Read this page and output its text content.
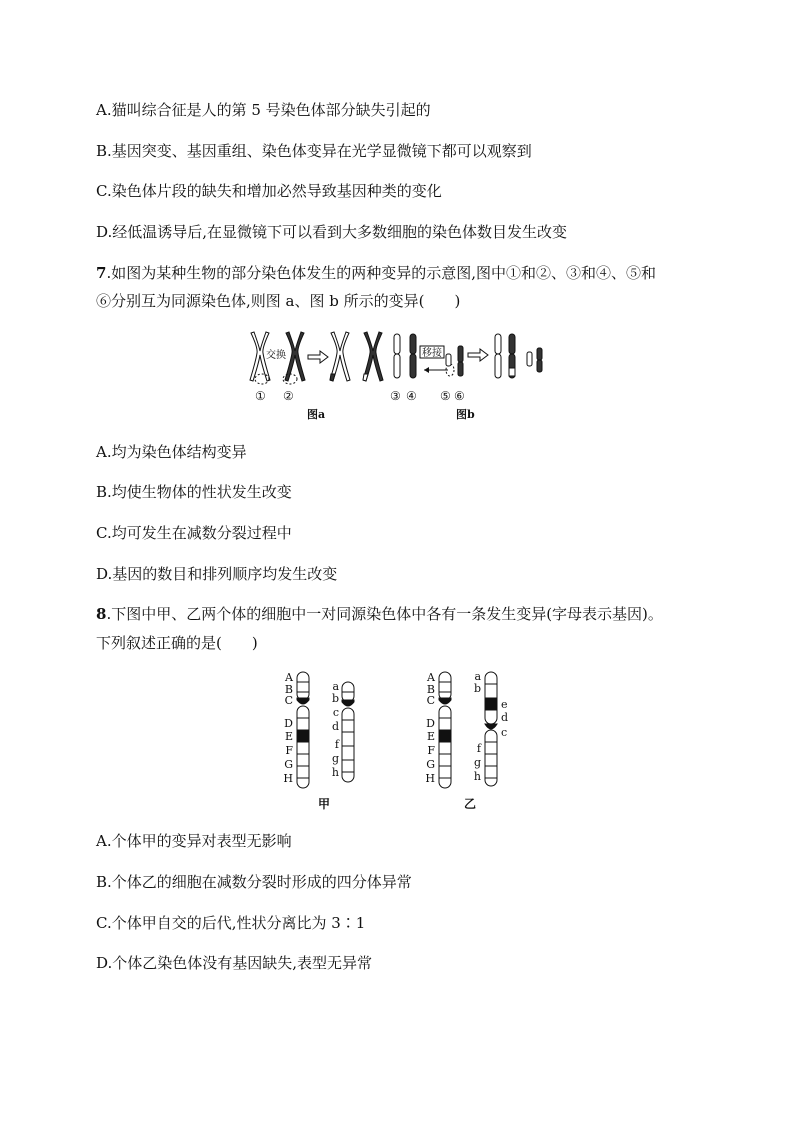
A.猫叫综合征是人的第 5 号染色体部分缺失引起的
B.基因突变、基因重组、染色体变异在光学显微镜下都可以观察到
C.染色体片段的缺失和增加必然导致基因种类的变化
D.经低温诱导后,在显微镜下可以看到大多数细胞的染色体数目发生改变
7.如图为某种生物的部分染色体发生的两种变异的示意图,图中①和②、③和④、⑤和
⑥分别互为同源染色体,则图 a、图 b 所示的变异(　　)
交换
① ②
移接
③ ④ ⑤ ⑥
图a	图b
A.均为染色体结构变异
B.均使生物体的性状发生改变
C.均可发生在减数分裂过程中
D.基因的数目和排列顺序均发生改变
8.下图中甲、乙两个体的细胞中一对同源染色体中各有一条发生变异(字母表示基因)。
下列叙述正确的是(　　)
A
B
C
D
E
F
G
H
a
b
c
d
f
g
h
A
B
C
D
E
F
G
H
a
b
f
g
h
e
d
c
甲	乙
A.个体甲的变异对表型无影响
B.个体乙的细胞在减数分裂时形成的四分体异常
C.个体甲自交的后代,性状分离比为 3∶1
D.个体乙染色体没有基因缺失,表型无异常
